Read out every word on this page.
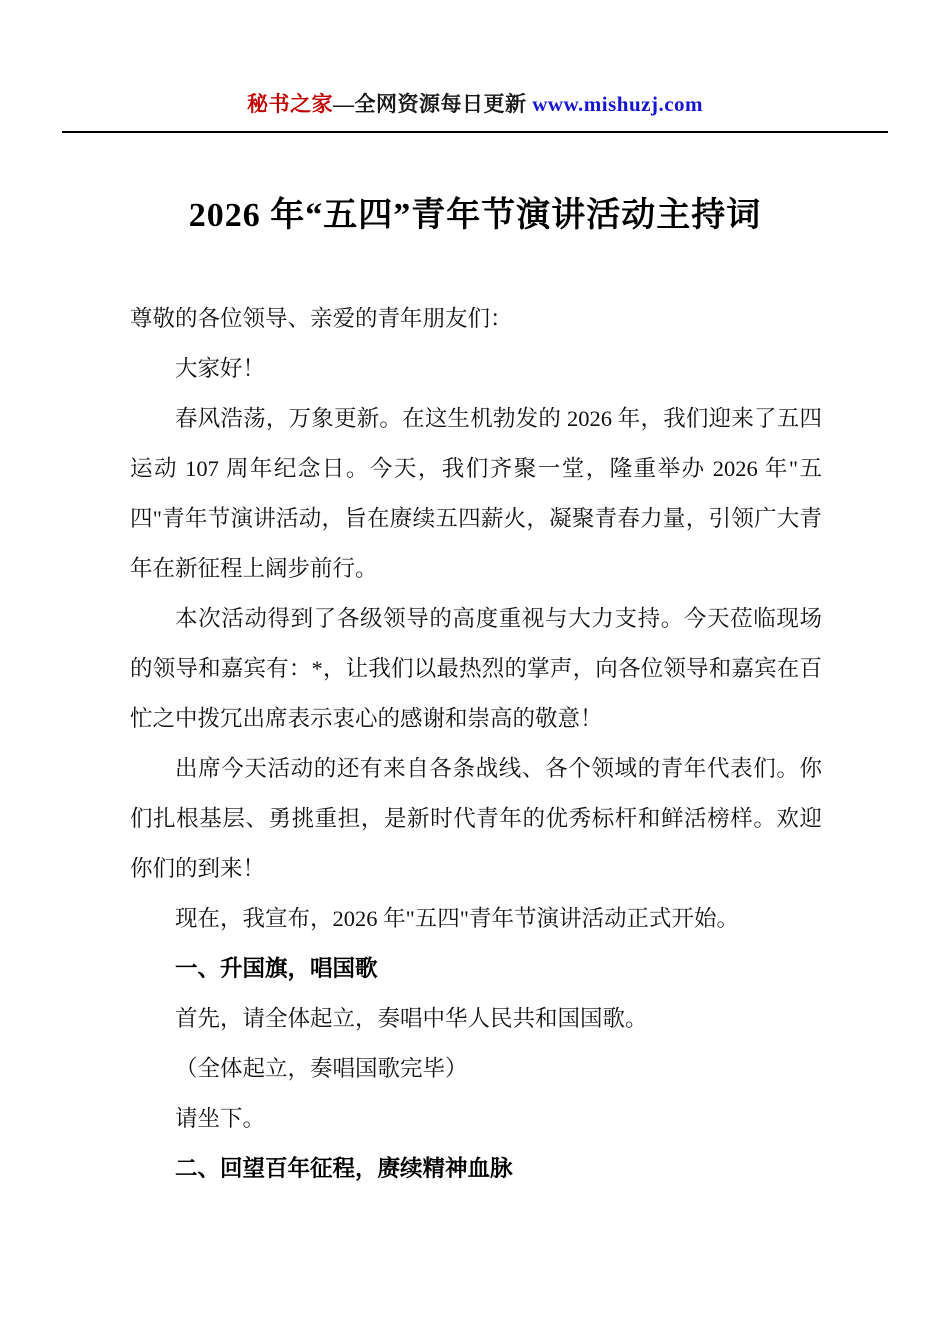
秘书之家—全网资源每日更新 www.mishuzj.com
2026 年“五四”青年节演讲活动主持词

尊敬的各位领导、亲爱的青年朋友们：

大家好！

春风浩荡，万象更新。在这生机勃发的 2026 年，我们迎来了五四运动 107 周年纪念日。今天，我们齐聚一堂，隆重举办 2026 年"五四"青年节演讲活动，旨在赓续五四薪火，凝聚青春力量，引领广大青年在新征程上阔步前行。

本次活动得到了各级领导的高度重视与大力支持。今天莅临现场的领导和嘉宾有：*，让我们以最热烈的掌声，向各位领导和嘉宾在百忙之中拨冗出席表示衷心的感谢和崇高的敬意！

出席今天活动的还有来自各条战线、各个领域的青年代表们。你们扎根基层、勇挑重担，是新时代青年的优秀标杆和鲜活榜样。欢迎你们的到来！

现在，我宣布，2026 年"五四"青年节演讲活动正式开始。

一、升国旗，唱国歌

首先，请全体起立，奏唱中华人民共和国国歌。

（全体起立，奏唱国歌完毕）

请坐下。

二、回望百年征程，赓续精神血脉
